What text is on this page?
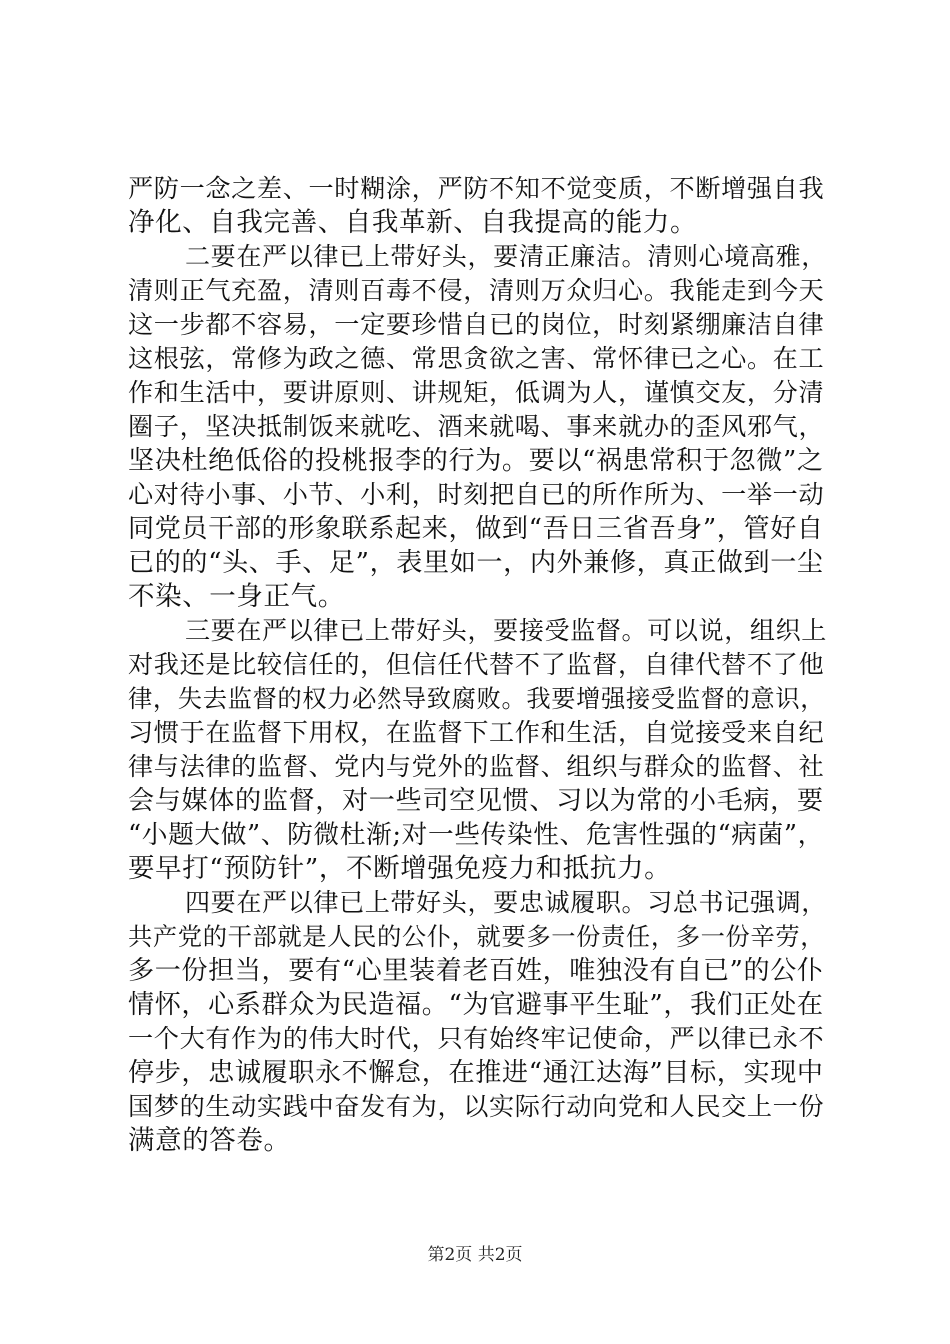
严防一念之差、一时糊涂，严防不知不觉变质，不断增强自我
净化、自我完善、自我革新、自我提高的能力。
二要在严以律已上带好头，要清正廉洁。清则心境高雅，
清则正气充盈，清则百毒不侵，清则万众归心。我能走到今天
这一步都不容易，一定要珍惜自已的岗位，时刻紧绷廉洁自律
这根弦，常修为政之德、常思贪欲之害、常怀律已之心。在工
作和生活中，要讲原则、讲规矩，低调为人，谨慎交友，分清
圈子，坚决抵制饭来就吃、酒来就喝、事来就办的歪风邪气，
坚决杜绝低俗的投桃报李的行为。要以“祸患常积于忽微”之
心对待小事、小节、小利，时刻把自已的所作所为、一举一动
同党员干部的形象联系起来，做到“吾日三省吾身”，管好自
已的的“头、手、足”，表里如一，内外兼修，真正做到一尘
不染、一身正气。
三要在严以律已上带好头，要接受监督。可以说，组织上
对我还是比较信任的，但信任代替不了监督，自律代替不了他
律，失去监督的权力必然导致腐败。我要增强接受监督的意识，
习惯于在监督下用权，在监督下工作和生活，自觉接受来自纪
律与法律的监督、党内与党外的监督、组织与群众的监督、社
会与媒体的监督，对一些司空见惯、习以为常的小毛病，要
“小题大做”、防微杜渐;对一些传染性、危害性强的“病菌”，
要早打“预防针”，不断增强免疫力和抵抗力。
四要在严以律已上带好头，要忠诚履职。习总书记强调，
共产党的干部就是人民的公仆，就要多一份责任，多一份辛劳，
多一份担当，要有“心里装着老百姓，唯独没有自已”的公仆
情怀，心系群众为民造福。“为官避事平生耻”，我们正处在
一个大有作为的伟大时代，只有始终牢记使命，严以律已永不
停步，忠诚履职永不懈怠，在推进“通江达海”目标，实现中
国梦的生动实践中奋发有为，以实际行动向党和人民交上一份
满意的答卷。
第2页 共2页
